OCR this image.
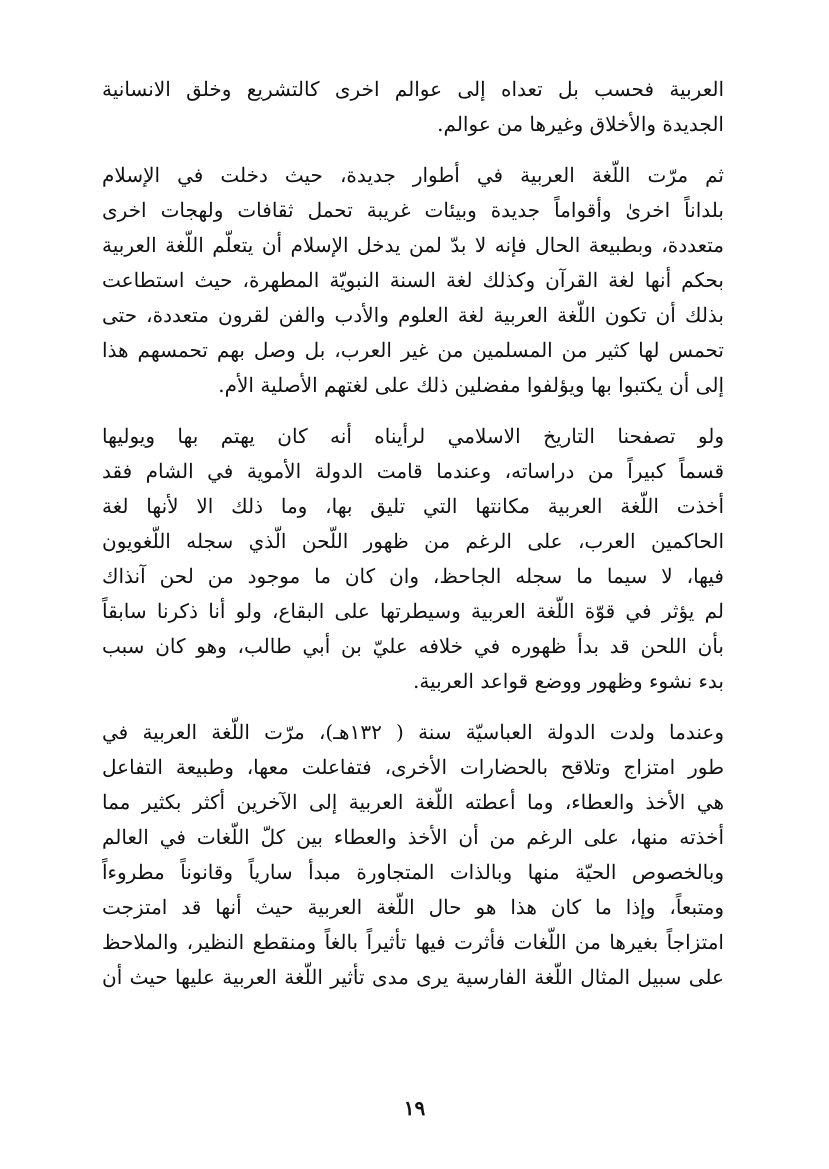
العربية فحسب بل تعداه إلى عوالم اخرى كالتشريع وخلق الانسانية
الجديدة والأخلاق وغيرها من عوالم.
ثم مرّت اللّغة العربية في أطوار جديدة، حيث دخلت في الإسلام
بلداناً اخرىٰ وأقواماً جديدة وبيئات غريبة تحمل ثقافات ولهجات اخرى
متعددة، وبطبيعة الحال فإنه لا بدّ لمن يدخل الإسلام أن يتعلّم اللّغة العربية
بحكم أنها لغة القرآن وكذلك لغة السنة النبويّة المطهرة، حيث استطاعت
بذلك أن تكون اللّغة العربية لغة العلوم والأدب والفن لقرون متعددة، حتى
تحمس لها كثير من المسلمين من غير العرب، بل وصل بهم تحمسهم هذا
إلى أن يكتبوا بها ويؤلفوا مفضلين ذلك على لغتهم الأصلية الأم.
ولو تصفحنا التاريخ الاسلامي لرأيناه أنه كان يهتم بها ويوليها
قسماً كبيراً من دراساته، وعندما قامت الدولة الأموية في الشام فقد
أخذت اللّغة العربية مكانتها التي تليق بها، وما ذلك الا لأنها لغة
الحاكمين العرب، على الرغم من ظهور اللّحن الّذي سجله اللّغويون
فيها، لا سيما ما سجله الجاحظ، وان كان ما موجود من لحن آنذاك
لم يؤثر في قوّة اللّغة العربية وسيطرتها على البقاع، ولو أنا ذكرنا سابقاً
بأن اللحن قد بدأ ظهوره في خلافه عليّ بن أبي طالب، وهو كان سبب
بدء نشوء وظهور ووضع قواعد العربية.
وعندما ولدت الدولة العباسيّة سنة ( ١٣٢هـ)، مرّت اللّغة العربية في
طور امتزاج وتلاقح بالحضارات الأخرى، فتفاعلت معها، وطبيعة التفاعل
هي الأخذ والعطاء، وما أعطته اللّغة العربية إلى الآخرين أكثر بكثير مما
أخذته منها، على الرغم من أن الأخذ والعطاء بين كلّ اللّغات في العالم
وبالخصوص الحيّة منها وبالذات المتجاورة مبدأ سارياً وقانوناً مطروءاً
ومتبعاً، وإذا ما كان هذا هو حال اللّغة العربية حيث أنها قد امتزجت
امتزاجاً بغيرها من اللّغات فأثرت فيها تأثيراً بالغاً ومنقطع النظير، والملاحظ
على سبيل المثال اللّغة الفارسية يرى مدى تأثير اللّغة العربية عليها حيث أن
١٩
